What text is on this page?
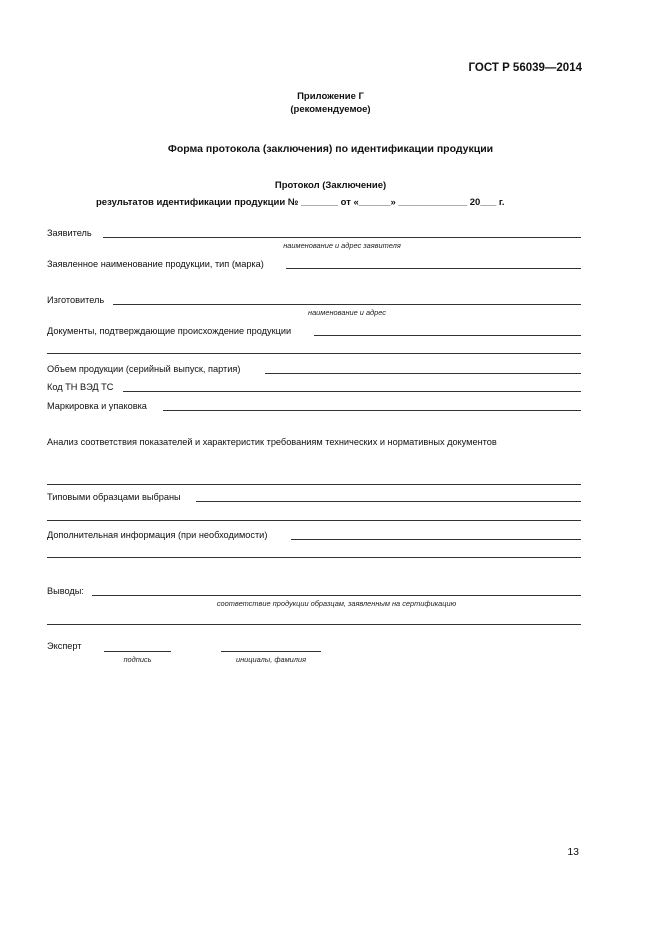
ГОСТ Р 56039—2014
Приложение Г
(рекомендуемое)
Форма протокола (заключения) по идентификации продукции
Протокол (Заключение)
результатов идентификации продукции № _______ от «______» _____________ 20___ г.
Заявитель
наименование и адрес заявителя
Заявленное наименование продукции, тип (марка)
Изготовитель
наименование и адрес
Документы, подтверждающие происхождение продукции
Объем продукции (серийный выпуск, партия)
Код ТН ВЭД ТС
Маркировка и упаковка
Анализ соответствия показателей и характеристик требованиям технических и нормативных документов
Типовыми образцами выбраны
Дополнительная информация (при необходимости)
Выводы:
соответствие продукции образцам, заявленным на сертификацию
Эксперт
подпись	инициалы, фамилия
13
